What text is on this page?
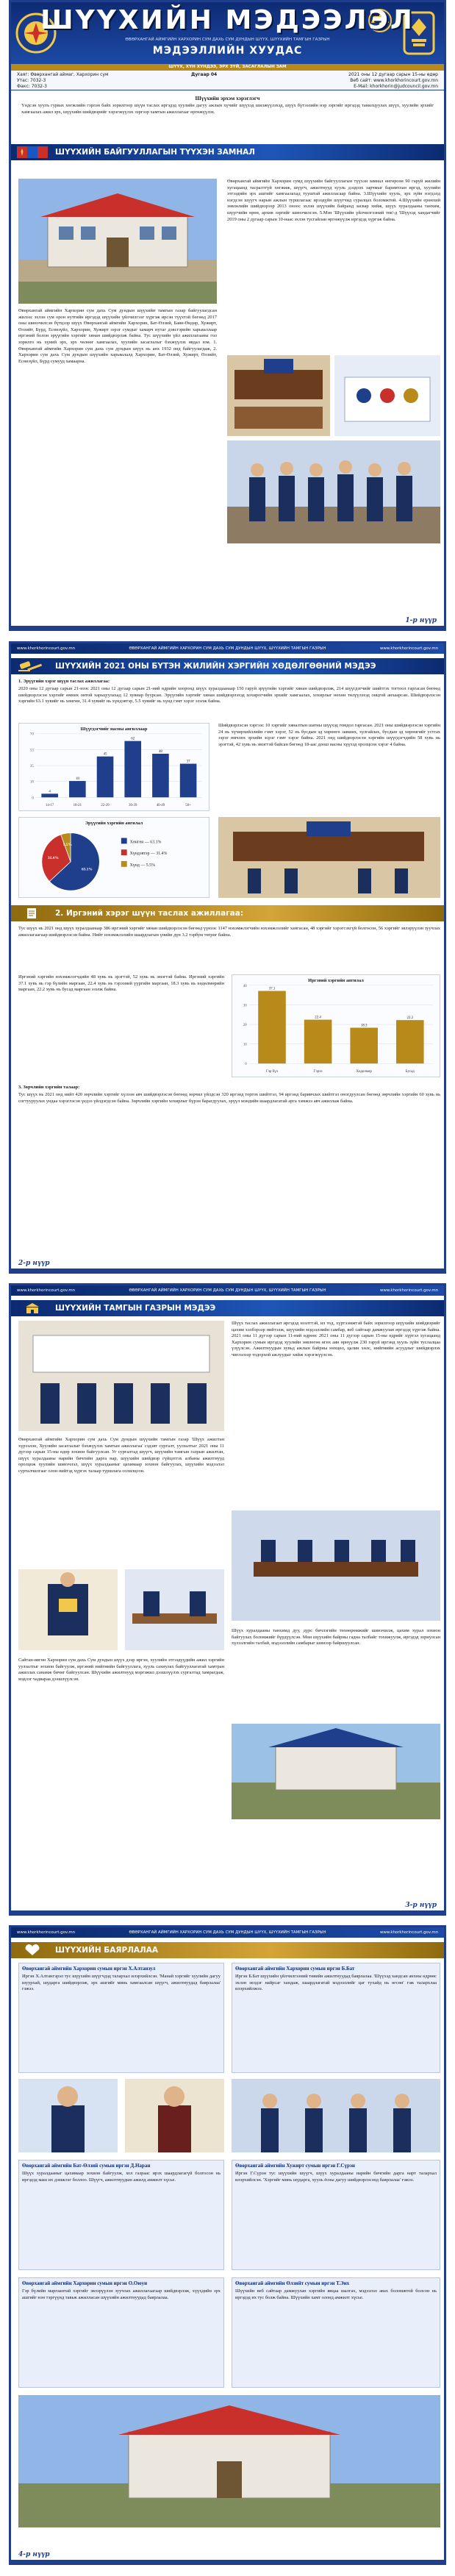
ШҮҮХИЙН МЭДЭЭЛЭЛ
ӨВӨРХАНГАЙ АЙМГИЙН ХАРХОРИН СУМ ДАХЬ СУМ ДУНДЫН ШҮҮХ, ШҮҮХИЙН ТАМГЫН ГАЗРЫН
МЭДЭЭЛЛИЙН ХУУДАС
ШҮҮХ, ХҮН ХҮНДЭЭ, ЭРХ ЗҮЙ, ЗАСАГЛАЛЫН ЗАМ
Хаяг: Өвөрхангай аймаг, Хархорин сум
Утас: 7032-3
Факс: 7032-3
Дугаар 04	2021 оны 12 дугаар сарын 15-ны өдөр
Веб сайт: www.khorkhorincourt.gov.mn
E-Mail: khorkhorin@judcouncil.gov.mn
Шүүхийн эрхэм хэрэглэгч
Үндсэн хуулъ гурвах хөгжлийн гэрлэн байх зорилгоор шүүн таслах иргэдэд хуулийн дагуу ажлын хүчийг шүүхэд шилжүүлэхэд, шүүх бүтээлийн нэр зэргийг иргэдэд танилцуулах шүүх, хуулийн эрхийг хамгаалах ажил эрх, шүүхийн шийдвэрийг хэрэгжүүлэх зэргээр хамтын ажиллагааг өргөжүүлэх.
ШҮҮХИЙН БАЙГУУЛЛАГЫН ТҮҮХЭН ЗАМНАЛ
Өвөрхангай аймгийн Хархорин сум дахь Сум дундын шүүхийн тамгын газар байгуулагдсан жилээс эхлэн сум орон нутгийн иргэдэд шүүхийн үйлчилгээг хүргэж ирсэн түүхтэй бөгөөд 2017 оны шинэчилсэн бүтцээр шүүх Өвөрхангай аймгийн Хархорин, Бат-Өлзий, Баян-Өндөр, Хужирт, Өлзийт, Бүрд, Есөнзүйл, Хархорин, Хужирт зэрэг сумдыг хамарч нутаг дэвсгэрийн харьяаллаар иргэний болон эрүүгийн хэргийг хянан шийдвэрлэж байна. Тус шүүхийн үйл ажиллагааны гол зорилго нь хүний эрх, эрх чөлөөг хамгаалах, хуулийн засаглалыг бэхжүүлэх явдал юм. 1. Өвөрхангай аймгийн Хархорин сум дахь сум дундын шүүх нь анх 1932 онд байгуулагдаж, 2. Хархорин сум дахь Сум дундын шүүхийн харьяалалд Хархорин, Бат-Өлзий, Хужирт, Өлзийт, Есөнзүйл, Бүрд сумууд хамаарна.
Өвөрхангай аймгийн Хархорин сумд шүүхийн байгууллагын түүхэн замнал өнгөрсөн 90 гаруй жилийн хугацаанд тасралтгүй хөгжиж, шүүгч, ажилтнууд хууль дээдлэх зарчмыг баримтлан иргэд, хуулийн этгээдийн эрх ашгийг хамгаалахад тууштай ажилласаар байна. 3.Шүүхийн хууль, эрх зүйн нэгдэлд нэгдсэн шүүгч нарын ажлын туршлагаас ирээдүйн шүүгчид суралцах боломжтой. 4.Шүүхийн ерөнхий зөвлөлийн шийдвэрээр 2013 оноос эхлэн шүүхийн байранд засвар хийж, шүүх хуралдааны танхим, шүүгчийн өрөө, архив зэргийг шинэчилсэн. 5.Мэн 'Шүүхийн үйлчилгээний төв'-д 'Шүүхэд хандагчийг 2019 оны 2 дугаар сарын 10-наас эхлэн тусгайлан өргөжүүлж иргэдэд хүргэж байна.
1-р нүүр
www.khorkhorincourt.gov.mn	ӨВӨРХАНГАЙ АЙМГИЙН ХАРХОРИН СУМ ДАХЬ СУМ ДУНДЫН ШҮҮХ, ШҮҮХИЙН ТАМГЫН ГАЗРЫН	www.khorkhorincourt.gov.mn
ШҮҮХИЙН 2021 ОНЫ БҮТЭН ЖИЛИЙН ХЭРГИЙН ХӨДӨЛГӨӨНИЙ МЭДЭЭ
1. Эрүүгийн хэрэг шүүн таслах ажиллагаа:
2020 оны 12 дугаар сарын 21-нээс 2021 оны 12 дугаар сарын 21-ний өдрийн хооронд шүүх хуралдаанаар 150 гаруй эрүүгийн хэргийг хянан шийдвэрлэж, 214 шүүгдэгчийг шийтгэх тогтоол гаргасан бөгөөд шийдвэрлэсэн хэргийг өмнөх онтой харьцуулахад 12 хувиар буурсан. Эрүүгийн хэргийг хянан шийдвэрлэхэд хохирогчийн эрхийг хамгаалах, хохирлыг нөхөн төлүүлэхэд онцгой анхаарсан. Шийдвэрлэсэн хэргийн 63.1 хувийг нь хөнгөн, 31.4 хувийг нь хүндэвтэр, 5.5 хувийг нь хүнд гэмт хэрэг эзэлж байна.
Шүүгдэгчийг насны ангиллаар
0
18
35
53
70
4
14-17
18
18-21
45
22-29
62
30-39
48
40-49
37
50+
Шийдвэрлэсэн хэргээс 10 хэргийг хяналтын шатны шүүхэд гомдол гаргасан. 2021 оны шийдвэрлэсэн хэргийн 24 нь хүчирхийллийн гэмт хэрэг, 52 нь бусдын эд хөрөнгө завших, хулгайлах, бусдын эд хөрөнгийг устгах зэрэг өмчлөх эрхийн эсрэг гэмт хэрэг байна. 2021 онд шийдвэрлэсэн хэргийн шүүгдэгчдийн 58 хувь нь эрэгтэй, 42 хувь нь эмэгтэй байсан бөгөөд 18-аас доош насны хүүхэд оролцсон хэрэг 4 байна.
Эрүүгийн хэргийн ангилал
63.1%
Хөнгөн — 63.1%
31.4%
Хүндэвтэр — 31.4%
5.5%
Хүнд — 5.5%
2. Иргэний хэрэг шүүн таслах ажиллагаа:
Тус шүүх нь 2021 онд шүүх хуралдаанаар 386 иргэний хэргийг хянан шийдвэрлэсэн бөгөөд үүнээс 1147 нэхэмжлэгчийн нэхэмжлэлийг хангасан, 48 хэргийг хэрэгсэхгүй болгосон, 56 хэргийг эвлэрүүлэн зуучлах ажиллагаагаар шийдвэрлэсэн байна. Нийт нэхэмжлэлийн шаардлагын үнийн дүн 3.2 тэрбум төгрөг байна.
Иргэний хэргийн нэхэмжлэгчдийн 48 хувь нь эрэгтэй, 52 хувь нь эмэгтэй байна. Иргэний хэргийн 37.1 хувь нь гэр бүлийн маргаан, 22.4 хувь нь гэрээний үүргийн маргаан, 18.3 хувь нь хөдөлмөрийн маргаан, 22.2 хувь нь бусад маргаан эзэлж байна.
Иргэний хэргийн ангилал
0
10
20
30
40
37.1
Гэр бүл
22.4
Гэрээ
18.3
Хөдөлмөр
22.2
Бусад
3. Зөрчлийн хэргийн талаар:
Тус шүүх нь 2021 онд нийт 420 зөрчлийн хэргийг хүлээн авч шийдвэрлэсэн бөгөөд зөрчил үйлдсэн 320 иргэнд торгох шийтгэл, 94 иргэнд баривчлах шийтгэл оногдуулсан бөгөөд зөрчлийн хэргийн 60 хувь нь согтууруулах ундаа хэрэглэсэн үедээ үйлдэгдсэн байна. Зөрчлийн хэргийн хохирлыг бүрэн барагдуулах, эрүүл мэндийн шаардлагатай арга хэмжээ авч ажиллаж байна.
2-р нүүр
www.khorkhorincourt.gov.mn	ӨВӨРХАНГАЙ АЙМГИЙН ХАРХОРИН СУМ ДАХЬ СУМ ДУНДЫН ШҮҮХ, ШҮҮХИЙН ТАМГЫН ГАЗРЫН	www.khorkhorincourt.gov.mn
ШҮҮХИЙН ТАМГЫН ГАЗРЫН МЭДЭЭ
Өвөрхангай аймгийн Хархорин сум дахь Сум дундын шүүхийн тамгын газар 'Шүүх ажилтан хүрээлэн, Хуулийн засаглалыг бэхжүүлэх хамтын ажиллагаа' сэдэвт сургалт, уулзалтыг 2021 оны 11 дүгээр сарын 15-ны өдөр зохион байгуулсан. Уг сургалтад шүүгч, шүүхийн тамгын газрын ажилтан, шүүх хуралдааны нарийн бичгийн дарга нар, шүүхийн шийдвэр гүйцэтгэх албаны ажилтнууд оролцож хуулийн шинэчлэл, шүүх хуралдааныг цахимаар зохион байгуулах, шүүхийн мэдээлэл сурталчилгааг олон нийтэд хүргэх талаар туршлага солилцсон.
Шүүх таслах ажиллагаат иргэдэд нээлттэй, ил тод, хүртээмжтэй байх зорилгоор шүүхийн шийдвэрийг цахим хэлбэрээр нийтэлж, шүүхийн мэдээллийн самбар, веб сайтаар дамжуулан иргэдэд хүргэж байна. 2021 оны 11 дүгээр сарын 11-ний өдрөөс 2021 оны 11 дүгээр сарын 15-ны өдрийг хүртэл хугацаанд Хархорин сумын иргэдэд хуулийн зөвлөгөө өгөх аян өрнүүлж 230 гаруй иргэнд хууль зүйн туслалцаа үзүүлсэн. Ажилтнуудын хувьд ажлын байрны нөхцөл, цалин хөлс, нийгмийн асуудлыг шийдвэрлэх чиглэлээр тодорхой ажлуудыг хийж хэрэгжүүлсэн.
Сайтан-өвгөн Хархорин сум дахь Сум дундын шүүх дээр иргэн, хуулийн этгээдүүдийн ажил хэргийн уулзалтыг зохион байгуулж, иргэний нийгмийн байгууллага, хууль сахиулах байгууллагатай хамтран ажиллах санамж бичиг байгуулсан. Шүүхийн ажилтнууд мэргэжил дээшлүүлэх сургалтад хамрагдаж, мэдлэг чадвараа дээшлүүлсэн.
Шүүх хуралдааны танхимд дуу, дүрс бичлэгийн төхөөрөмжийг шинэчилж, цахим хурал зохион байгуулах боломжийг бүрдүүлсэн. Мөн шүүхийн байрны гадна талбайг тохижуулж, иргэдэд зориулсан хүлээлгийн талбай, мэдээллийн самбарыг шинээр байршуулсан.
3-р нүүр
www.khorkhorincourt.gov.mn	ӨВӨРХАНГАЙ АЙМГИЙН ХАРХОРИН СУМ ДАХЬ СУМ ДУНДЫН ШҮҮХ, ШҮҮХИЙН ТАМГЫН ГАЗРЫН	www.khorkhorincourt.gov.mn
ШҮҮХИЙН БАЯРЛАЛАА
Өвөрхангай аймгийн Хархорин сумын иргэн Х.Алтанзул
Иргэн Х.Алтангэрэл тус шүүхийн шүүгчдэд талархал илэрхийлсэн. 'Манай хэргийг хуулийн дагуу шуурхай, шударга шийдвэрлэж, эрх ашгийг минь хамгаалсан шүүгч, ажилтнуудад баярлалаа' гэжээ.
Өвөрхангай аймгийн Хархорин сумын иргэн Б.Бат
Иргэн Б.Бат шүүхийн үйлчилгээний төвийн ажилтнуудад баярлалаа. 'Шүүхэд хандсан анхны өдрөөс эхлэн эелдэг найрсаг хандаж, шаардлагатай мэдээллийг цаг тухайд нь өгсөн' гэж талархлаа илэрхийлжээ.
Өвөрхангай аймгийн Бат-Өлзий сумын иргэн Д.Наран
Шүүх хуралдааныг цахимаар зохион байгуулж, хол газраас ирэх шаардлагагүй болгосон нь иргэдэд маш их дэмжлэг боллоо. Шүүгч, ажилтнуудын ажилд амжилт хүсье.
Өвөрхангай аймгийн Хужирт сумын иргэн Г.Сүрэн
Иргэн Г.Сүрэн тус шүүхийн шүүгч, шүүх хуралдааны нарийн бичгийн дарга нарт талархал илэрхийлсэн. 'Хэргийг минь шударга, хууль ёсны дагуу шийдвэрлэсэнд баярлалаа' гэжээ.
Өвөрхангай аймгийн Хархорин сумын иргэн О.Оюун
Гэр бүлийн маргаантай хэргийг эвлэрүүлэн зуучлах ажиллагаагаар шийдвэрлэж, хүүхдийн эрх ашгийг нэн тэргүүнд тавьж ажилласан шүүхийн ажилтнуудад баярлалаа.
Өвөрхангай аймгийн Өлзийт сумын иргэн Т.Энх
Шүүхийн веб сайтаар дамжуулан хэргийн явцаа шалгах, мэдээлэл авах боломжтой болсон нь иргэдэд их тус болж байна. Шүүхийн хамт олонд амжилт хүсье.
4-р нүүр
